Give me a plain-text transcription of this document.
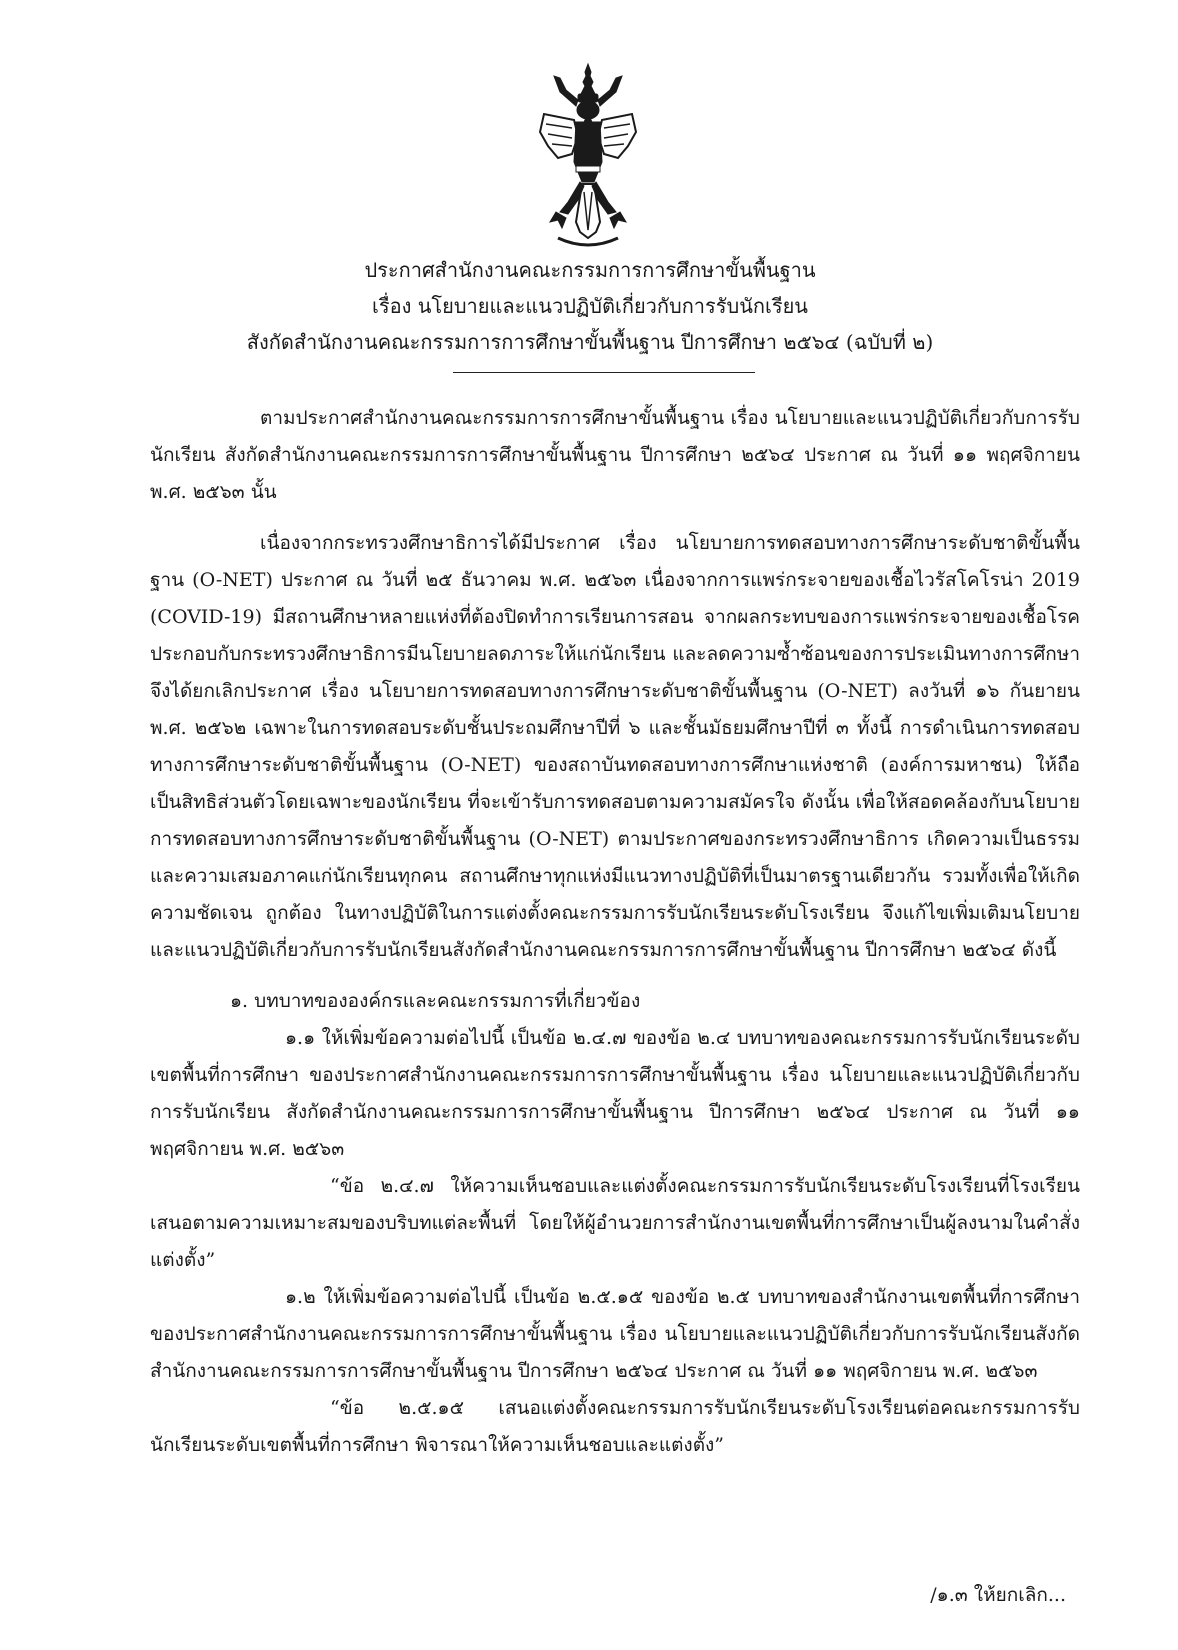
ประกาศสำนักงานคณะกรรมการการศึกษาขั้นพื้นฐาน
เรื่อง นโยบายและแนวปฏิบัติเกี่ยวกับการรับนักเรียน
สังกัดสำนักงานคณะกรรมการการศึกษาขั้นพื้นฐาน ปีการศึกษา ๒๕๖๔ (ฉบับที่ ๒)

ตามประกาศสำนักงานคณะกรรมการการศึกษาขั้นพื้นฐาน เรื่อง นโยบายและแนวปฏิบัติเกี่ยวกับการรับนักเรียน สังกัดสำนักงานคณะกรรมการการศึกษาขั้นพื้นฐาน ปีการศึกษา ๒๕๖๔ ประกาศ ณ วันที่ ๑๑ พฤศจิกายน พ.ศ. ๒๕๖๓ นั้น

เนื่องจากกระทรวงศึกษาธิการได้มีประกาศ เรื่อง นโยบายการทดสอบทางการศึกษาระดับชาติขั้นพื้นฐาน (O-NET) ประกาศ ณ วันที่ ๒๕ ธันวาคม พ.ศ. ๒๕๖๓ เนื่องจากการแพร่กระจายของเชื้อไวรัสโคโรน่า 2019 (COVID-19) มีสถานศึกษาหลายแห่งที่ต้องปิดทำการเรียนการสอน จากผลกระทบของการแพร่กระจายของเชื้อโรค ประกอบกับกระทรวงศึกษาธิการมีนโยบายลดภาระให้แก่นักเรียน และลดความซ้ำซ้อนของการประเมินทางการศึกษา จึงได้ยกเลิกประกาศ เรื่อง นโยบายการทดสอบทางการศึกษาระดับชาติขั้นพื้นฐาน (O-NET) ลงวันที่ ๑๖ กันยายน พ.ศ. ๒๕๖๒ เฉพาะในการทดสอบระดับชั้นประถมศึกษาปีที่ ๖ และชั้นมัธยมศึกษาปีที่ ๓ ทั้งนี้ การดำเนินการทดสอบทางการศึกษาระดับชาติขั้นพื้นฐาน (O-NET) ของสถาบันทดสอบทางการศึกษาแห่งชาติ (องค์การมหาชน) ให้ถือเป็นสิทธิส่วนตัวโดยเฉพาะของนักเรียน ที่จะเข้ารับการทดสอบตามความสมัครใจ ดังนั้น เพื่อให้สอดคล้องกับนโยบายการทดสอบทางการศึกษาระดับชาติขั้นพื้นฐาน (O-NET) ตามประกาศของกระทรวงศึกษาธิการ เกิดความเป็นธรรมและความเสมอภาคแก่นักเรียนทุกคน สถานศึกษาทุกแห่งมีแนวทางปฏิบัติที่เป็นมาตรฐานเดียวกัน รวมทั้งเพื่อให้เกิดความชัดเจน ถูกต้อง ในทางปฏิบัติในการแต่งตั้งคณะกรรมการรับนักเรียนระดับโรงเรียน จึงแก้ไขเพิ่มเติมนโยบายและแนวปฏิบัติเกี่ยวกับการรับนักเรียนสังกัดสำนักงานคณะกรรมการการศึกษาขั้นพื้นฐาน ปีการศึกษา ๒๕๖๔ ดังนี้

๑. บทบาทขององค์กรและคณะกรรมการที่เกี่ยวข้อง

๑.๑ ให้เพิ่มข้อความต่อไปนี้ เป็นข้อ ๒.๔.๗ ของข้อ ๒.๔ บทบาทของคณะกรรมการรับนักเรียนระดับเขตพื้นที่การศึกษา ของประกาศสำนักงานคณะกรรมการการศึกษาขั้นพื้นฐาน เรื่อง นโยบายและแนวปฏิบัติเกี่ยวกับการรับนักเรียน สังกัดสำนักงานคณะกรรมการการศึกษาขั้นพื้นฐาน ปีการศึกษา ๒๕๖๔ ประกาศ ณ วันที่ ๑๑ พฤศจิกายน พ.ศ. ๒๕๖๓

“ข้อ ๒.๔.๗ ให้ความเห็นชอบและแต่งตั้งคณะกรรมการรับนักเรียนระดับโรงเรียนที่โรงเรียนเสนอตามความเหมาะสมของบริบทแต่ละพื้นที่ โดยให้ผู้อำนวยการสำนักงานเขตพื้นที่การศึกษาเป็นผู้ลงนามในคำสั่งแต่งตั้ง”

๑.๒ ให้เพิ่มข้อความต่อไปนี้ เป็นข้อ ๒.๕.๑๕ ของข้อ ๒.๕ บทบาทของสำนักงานเขตพื้นที่การศึกษาของประกาศสำนักงานคณะกรรมการการศึกษาขั้นพื้นฐาน เรื่อง นโยบายและแนวปฏิบัติเกี่ยวกับการรับนักเรียนสังกัดสำนักงานคณะกรรมการการศึกษาขั้นพื้นฐาน ปีการศึกษา ๒๕๖๔ ประกาศ ณ วันที่ ๑๑ พฤศจิกายน พ.ศ. ๒๕๖๓

“ข้อ ๒.๕.๑๕ เสนอแต่งตั้งคณะกรรมการรับนักเรียนระดับโรงเรียนต่อคณะกรรมการรับนักเรียนระดับเขตพื้นที่การศึกษา พิจารณาให้ความเห็นชอบและแต่งตั้ง”

/๑.๓ ให้ยกเลิก...
